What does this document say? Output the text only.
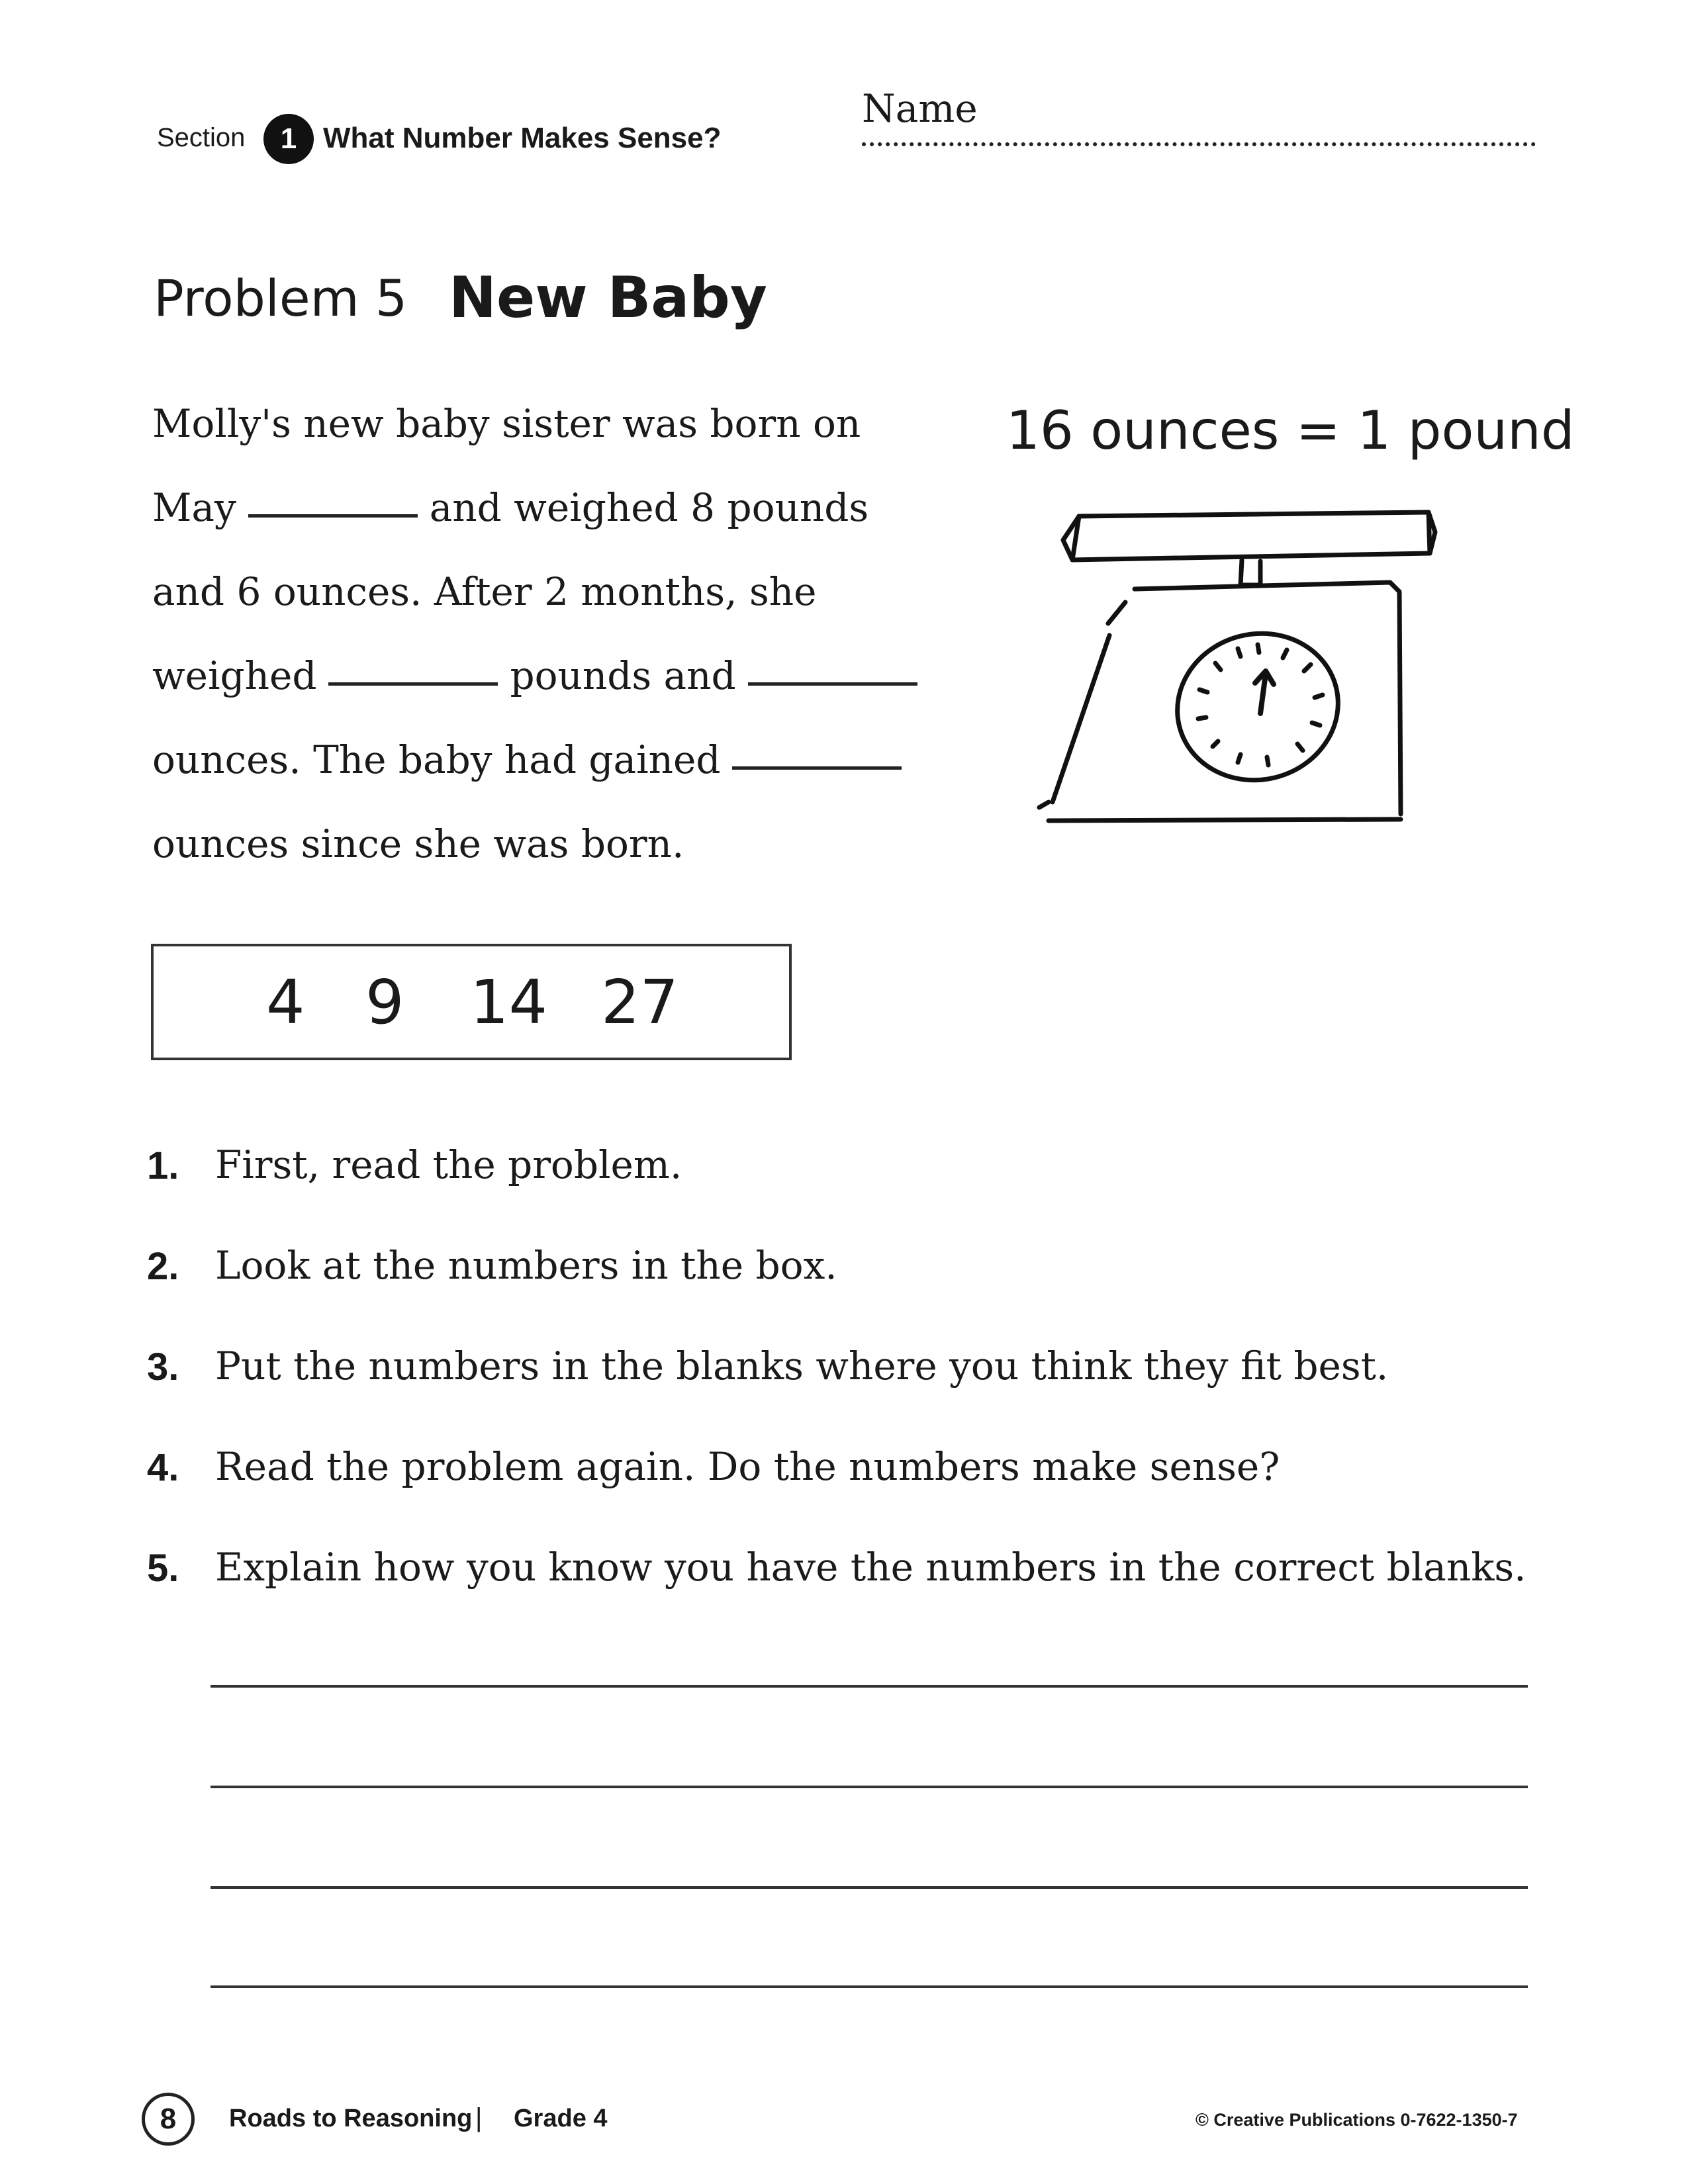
Section	1 What Number Makes Sense?
Name
Problem 5 New Baby
Molly's new baby sister was born on
May	and weighed 8 pounds
and 6 ounces. After 2 months, she
weighed	pounds and
ounces. The baby had gained
ounces since she was born.
16 ounces = 1 pound
4 9	14 27
1. First, read the problem.
2. Look at the numbers in the box.
3. Put the numbers in the blanks where you think they fit best.
4. Read the problem again. Do the numbers make sense?
5. Explain how you know you have the numbers in the correct blanks.
8	Roads to Reasoning | Grade 4	© Creative Publications 0-7622-1350-7
